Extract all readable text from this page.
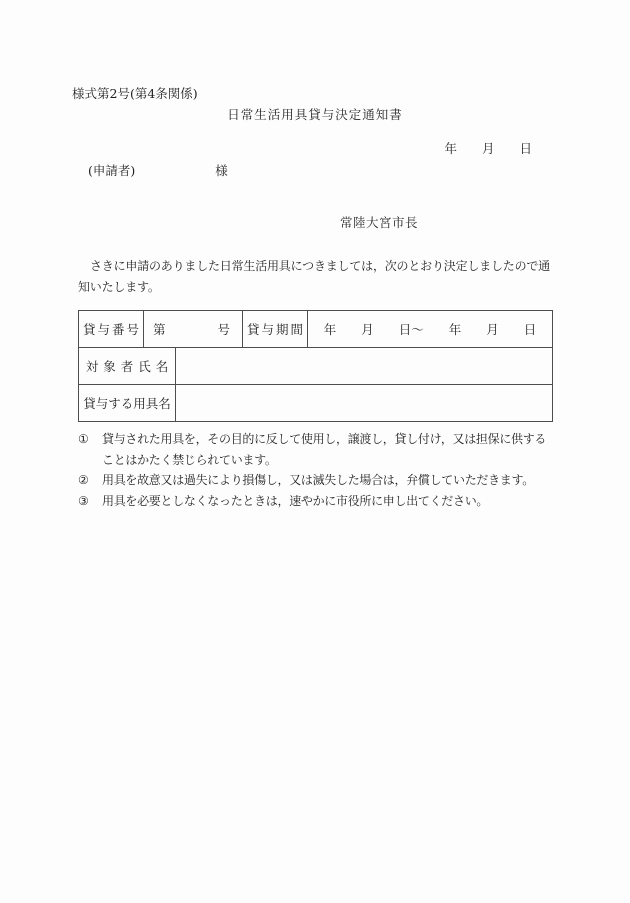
様式第2号(第4条関係)
日常生活用具貸与決定通知書
年　　月　　日
(申請者)	様
常陸大宮市長
さきに申請のありました日常生活用具につきましては，次のとおり決定しましたので通
知いたします。
貸与番号	第 号		貸与期間	年　　月　　日～　　年　　月　　日
対象者氏名				
貸与する用具名				
① 貸与された用具を，その目的に反して使用し，譲渡し，貸し付け，又は担保に供する
ことはかたく禁じられています。
② 用具を故意又は過失により損傷し，又は滅失した場合は，弁償していただきます。
③ 用具を必要としなくなったときは，速やかに市役所に申し出てください。
